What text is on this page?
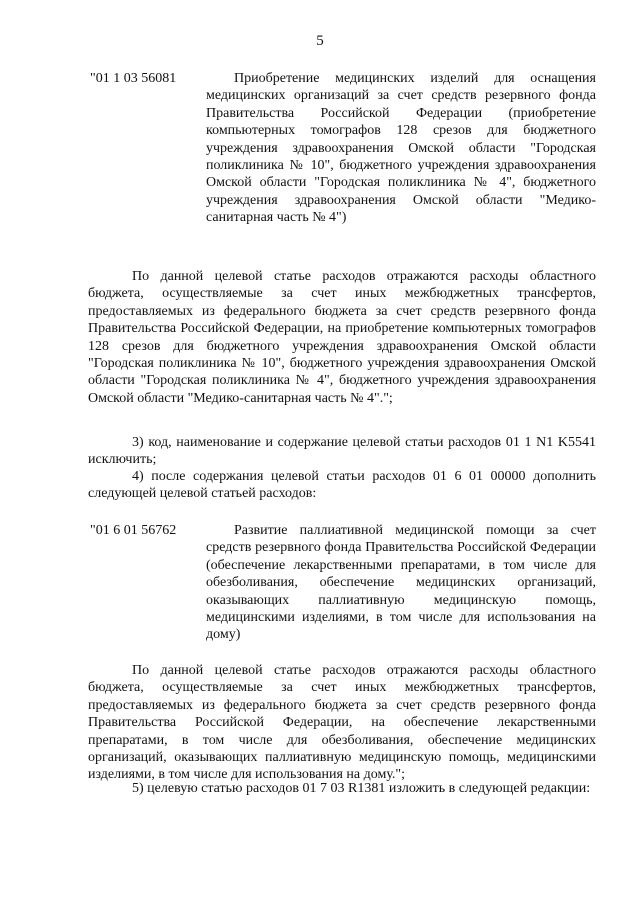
5
"01 1 03 56081	Приобретение медицинских изделий для оснащения медицинских организаций за счет средств резервного фонда Правительства Российской Федерации (приобретение компьютерных томографов 128 срезов для бюджетного учреждения здравоохранения Омской области "Городская поликлиника № 10", бюджетного учреждения здравоохранения Омской области "Городская поликлиника № 4", бюджетного учреждения здравоохранения Омской области "Медико-санитарная часть № 4")

По данной целевой статье расходов отражаются расходы областного бюджета, осуществляемые за счет иных межбюджетных трансфертов, предоставляемых из федерального бюджета за счет средств резервного фонда Правительства Российской Федерации, на приобретение компьютерных томографов 128 срезов для бюджетного учреждения здравоохранения Омской области "Городская поликлиника № 10", бюджетного учреждения здравоохранения Омской области "Городская поликлиника № 4", бюджетного учреждения здравоохранения Омской области "Медико-санитарная часть № 4".";

3) код, наименование и содержание целевой статьи расходов 01 1 N1 K5541 исключить;

4) после содержания целевой статьи расходов 01 6 01 00000 дополнить следующей целевой статьей расходов:

"01 6 01 56762	Развитие паллиативной медицинской помощи за счет средств резервного фонда Правительства Российской Федерации (обеспечение лекарственными препаратами, в том числе для обезболивания, обеспечение медицинских организаций, оказывающих паллиативную медицинскую помощь, медицинскими изделиями, в том числе для использования на дому)

По данной целевой статье расходов отражаются расходы областного бюджета, осуществляемые за счет иных межбюджетных трансфертов, предоставляемых из федерального бюджета за счет средств резервного фонда Правительства Российской Федерации, на обеспечение лекарственными препаратами, в том числе для обезболивания, обеспечение медицинских организаций, оказывающих паллиативную медицинскую помощь, медицинскими изделиями, в том числе для использования на дому.";

5) целевую статью расходов 01 7 03 R1381 изложить в следующей редакции:
